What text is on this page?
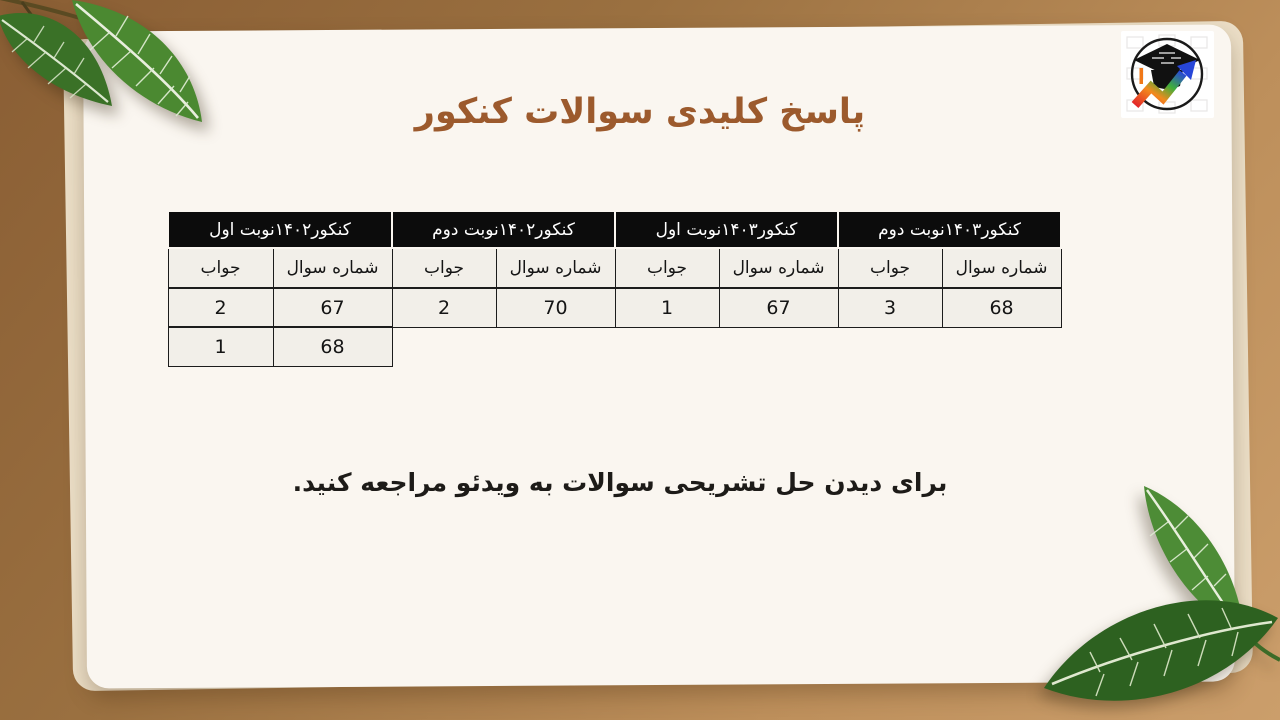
پاسخ کلیدی سوالات کنکور
کنکور۱۴۰۳نوبت دوم		کنکور۱۴۰۳نوبت اول		کنکور۱۴۰۲نوبت دوم		کنکور۱۴۰۲نوبت اول	
شماره سوال	جواب	شماره سوال	جواب	شماره سوال	جواب	شماره سوال	جواب
68	3	67	1	70	2	67	2
						68	1
برای دیدن حل تشریحی سوالات به ویدئو مراجعه کنید.
